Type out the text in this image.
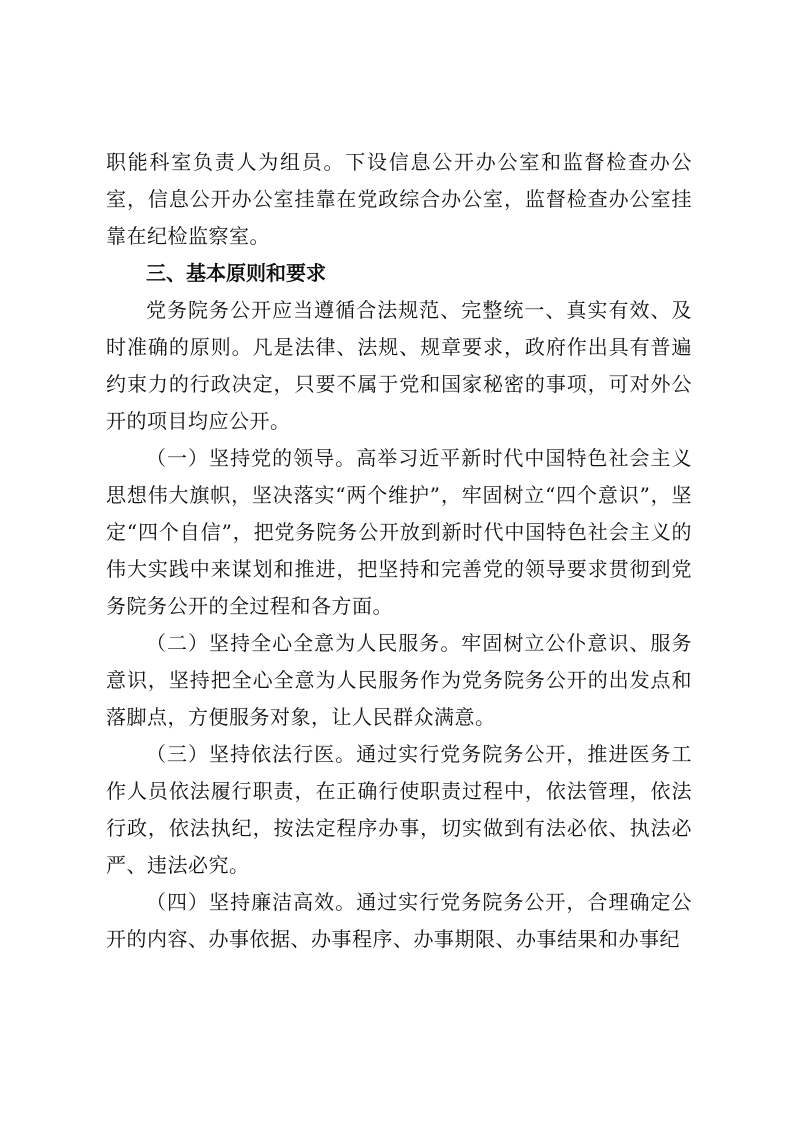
职能科室负责人为组员。下设信息公开办公室和监督检查办公室，信息公开办公室挂靠在党政综合办公室，监督检查办公室挂靠在纪检监察室。

三、基本原则和要求

党务院务公开应当遵循合法规范、完整统一、真实有效、及时准确的原则。凡是法律、法规、规章要求，政府作出具有普遍约束力的行政决定，只要不属于党和国家秘密的事项，可对外公开的项目均应公开。

（一）坚持党的领导。高举习近平新时代中国特色社会主义思想伟大旗帜，坚决落实“两个维护”，牢固树立“四个意识”，坚定“四个自信”，把党务院务公开放到新时代中国特色社会主义的伟大实践中来谋划和推进，把坚持和完善党的领导要求贯彻到党务院务公开的全过程和各方面。

（二）坚持全心全意为人民服务。牢固树立公仆意识、服务意识，坚持把全心全意为人民服务作为党务院务公开的出发点和落脚点，方便服务对象，让人民群众满意。

（三）坚持依法行医。通过实行党务院务公开，推进医务工作人员依法履行职责，在正确行使职责过程中，依法管理，依法行政，依法执纪，按法定程序办事，切实做到有法必依、执法必严、违法必究。

（四）坚持廉洁高效。通过实行党务院务公开，合理确定公开的内容、办事依据、办事程序、办事期限、办事结果和办事纪
